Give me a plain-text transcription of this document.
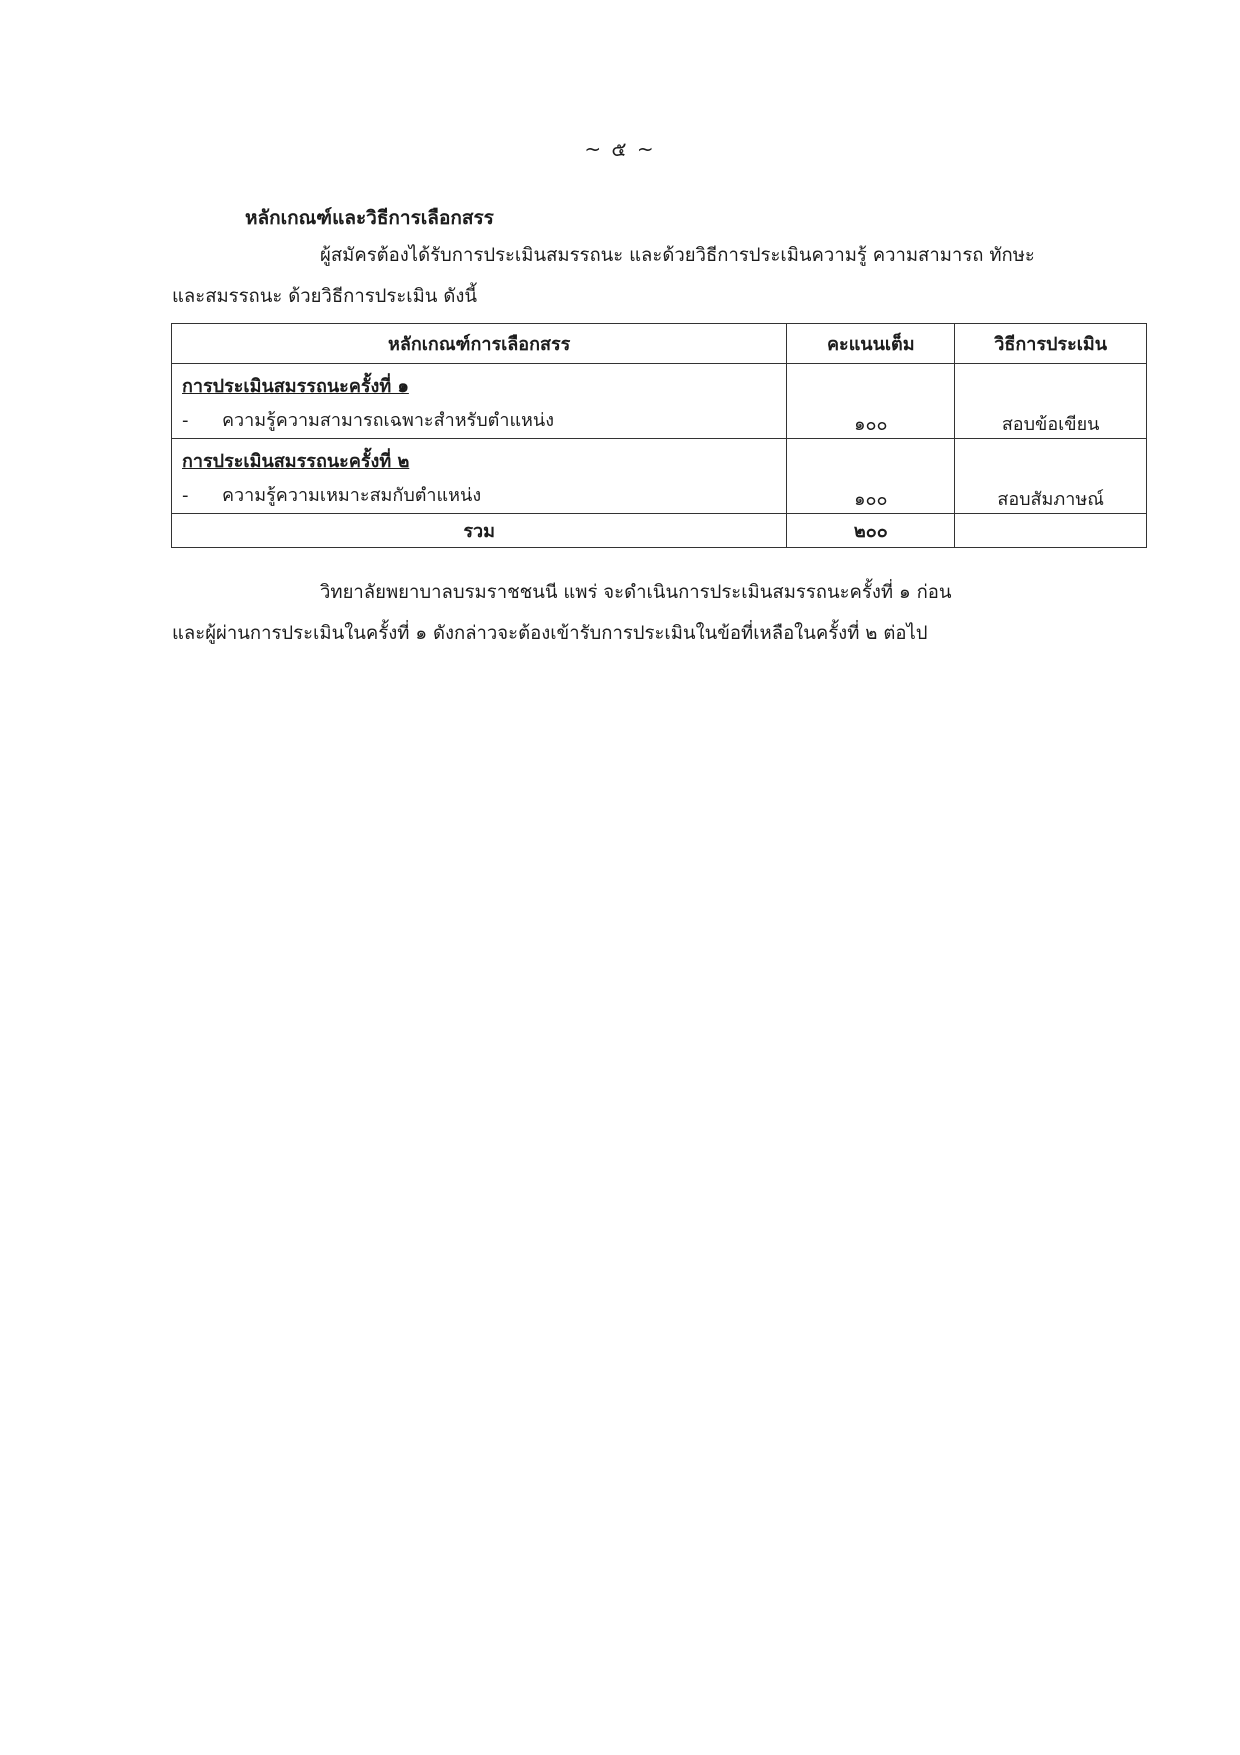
~ ๕ ~
หลักเกณฑ์และวิธีการเลือกสรร
ผู้สมัครต้องได้รับการประเมินสมรรถนะ และด้วยวิธีการประเมินความรู้ ความสามารถ ทักษะ
และสมรรถนะ ด้วยวิธีการประเมิน ดังนี้
หลักเกณฑ์การเลือกสรร	คะแนนเต็ม	วิธีการประเมิน

การประเมินสมรรถนะครั้งที่ ๑
- ความรู้ความสามารถเฉพาะสำหรับตำแหน่ง	๑๐๐	สอบข้อเขียน

การประเมินสมรรถนะครั้งที่ ๒
- ความรู้ความเหมาะสมกับตำแหน่ง	๑๐๐	สอบสัมภาษณ์
รวม	๒๐๐	
วิทยาลัยพยาบาลบรมราชชนนี แพร่ จะดำเนินการประเมินสมรรถนะครั้งที่ ๑ ก่อน
และผู้ผ่านการประเมินในครั้งที่ ๑ ดังกล่าวจะต้องเข้ารับการประเมินในข้อที่เหลือในครั้งที่ ๒ ต่อไป
